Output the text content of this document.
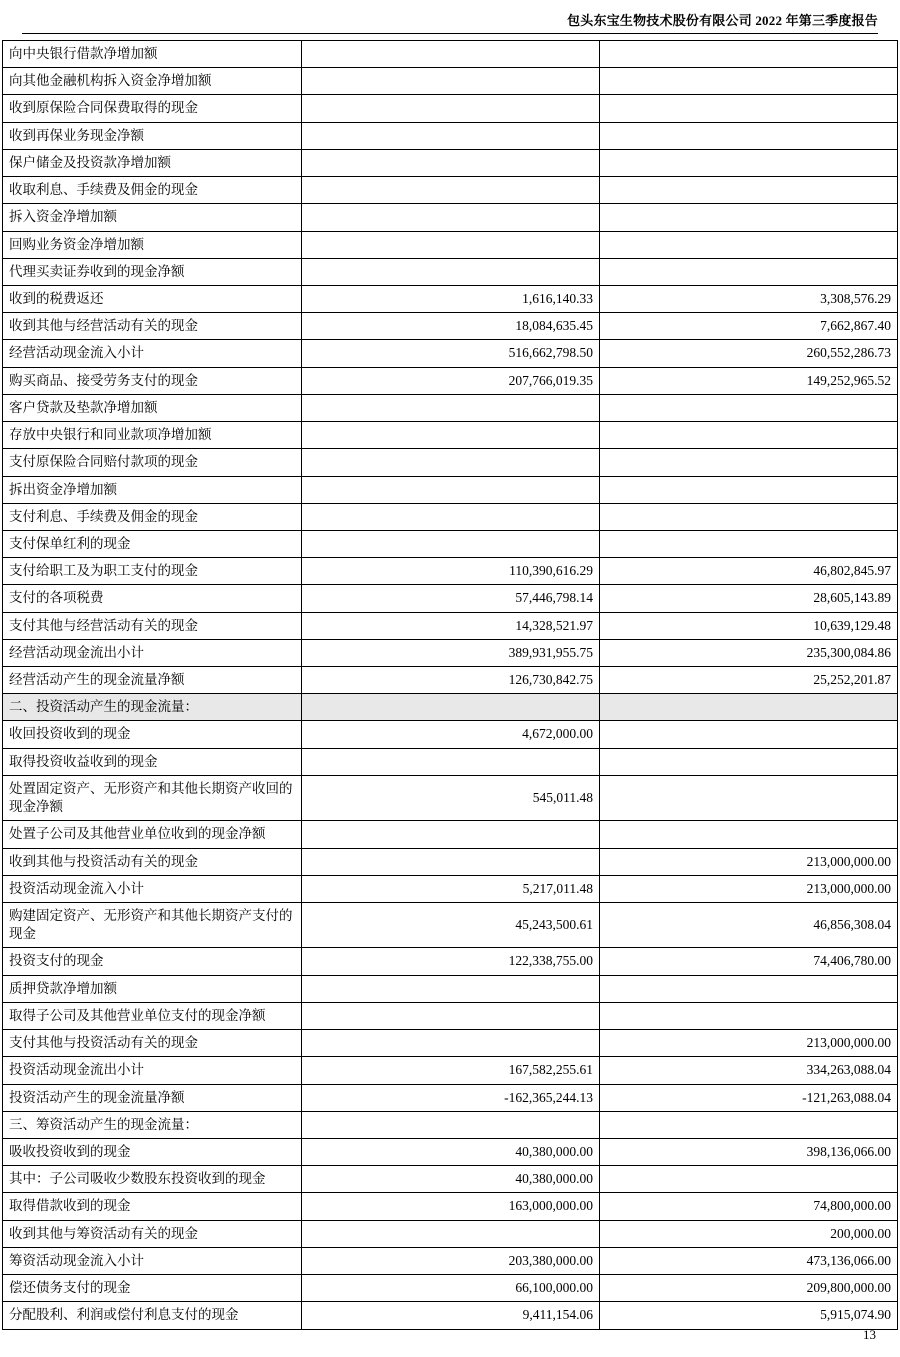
包头东宝生物技术股份有限公司 2022 年第三季度报告
向中央银行借款净增加额		
向其他金融机构拆入资金净增加额		
收到原保险合同保费取得的现金		
收到再保业务现金净额		
保户储金及投资款净增加额		
收取利息、手续费及佣金的现金		
拆入资金净增加额		
回购业务资金净增加额		
代理买卖证券收到的现金净额		
收到的税费返还	1,616,140.33	3,308,576.29
收到其他与经营活动有关的现金	18,084,635.45	7,662,867.40
经营活动现金流入小计	516,662,798.50	260,552,286.73
购买商品、接受劳务支付的现金	207,766,019.35	149,252,965.52
客户贷款及垫款净增加额		
存放中央银行和同业款项净增加额		
支付原保险合同赔付款项的现金		
拆出资金净增加额		
支付利息、手续费及佣金的现金		
支付保单红利的现金		
支付给职工及为职工支付的现金	110,390,616.29	46,802,845.97
支付的各项税费	57,446,798.14	28,605,143.89
支付其他与经营活动有关的现金	14,328,521.97	10,639,129.48
经营活动现金流出小计	389,931,955.75	235,300,084.86
经营活动产生的现金流量净额	126,730,842.75	25,252,201.87
二、投资活动产生的现金流量：		
收回投资收到的现金	4,672,000.00	
取得投资收益收到的现金		
处置固定资产、无形资产和其他长期资产收回的现金净额	545,011.48	
处置子公司及其他营业单位收到的现金净额		
收到其他与投资活动有关的现金		213,000,000.00
投资活动现金流入小计	5,217,011.48	213,000,000.00
购建固定资产、无形资产和其他长期资产支付的现金	45,243,500.61	46,856,308.04
投资支付的现金	122,338,755.00	74,406,780.00
质押贷款净增加额		
取得子公司及其他营业单位支付的现金净额		
支付其他与投资活动有关的现金		213,000,000.00
投资活动现金流出小计	167,582,255.61	334,263,088.04
投资活动产生的现金流量净额	-162,365,244.13	-121,263,088.04
三、筹资活动产生的现金流量：		
吸收投资收到的现金	40,380,000.00	398,136,066.00
其中：子公司吸收少数股东投资收到的现金	40,380,000.00	
取得借款收到的现金	163,000,000.00	74,800,000.00
收到其他与筹资活动有关的现金		200,000.00
筹资活动现金流入小计	203,380,000.00	473,136,066.00
偿还债务支付的现金	66,100,000.00	209,800,000.00
分配股利、利润或偿付利息支付的现金	9,411,154.06	5,915,074.90
13
